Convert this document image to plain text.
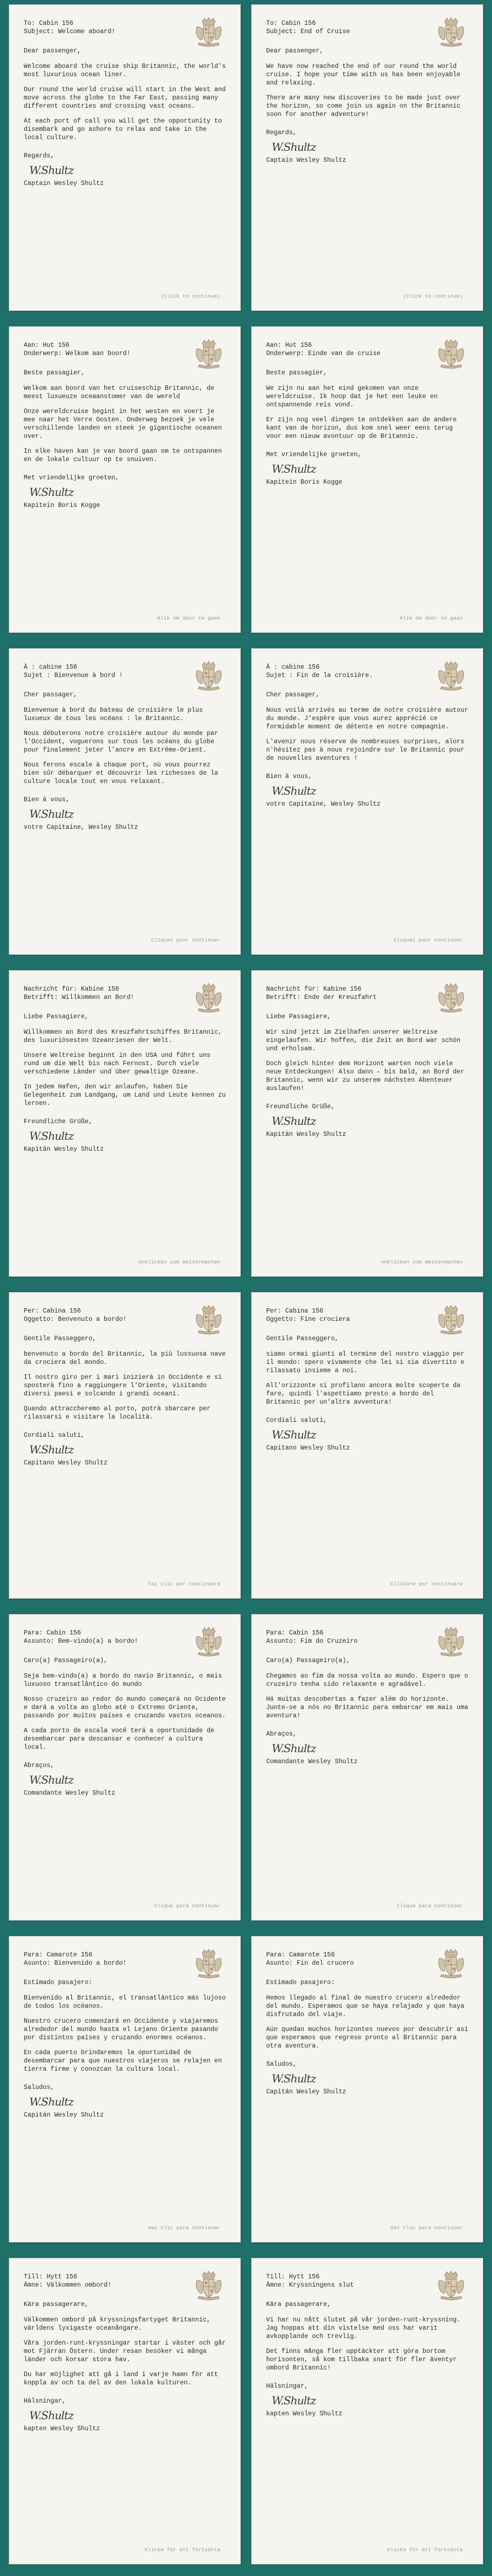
To: Cabin 156
Subject: Welcome aboard!
Dear passenger,
Welcome aboard the cruise ship Britannic, the world's most luxurious ocean liner.
Our round the world cruise will start in the West and move across the globe to the Far East, passing many different countries and crossing vast oceans.
At each port of call you will get the opportunity to disembark and go ashore to relax and take in the local culture.
Regards,
W.Shultz
Captain Wesley Shultz
(Click to continue)
To: Cabin 156
Subject: End of Cruise
Dear passenger,
We have now reached the end of our round the world cruise. I hope your time with us has been enjoyable and relaxing.
There are many new discoveries to be made just over the horizon, so come join us again on the Britannic soon for another adventure!
Regards,
W.Shultz
Captain Wesley Shultz
(Click to continue)
Aan: Hut 156
Onderwerp: Welkom aan boord!
Beste passagier,
Welkom aan boord van het cruiseschip Britannic, de meest luxueuze oceaanstomer van de wereld
Onze wereldcruise begint in het westen en voert je mee naar het Verre Oosten. Onderweg bezoek je vele verschillende landen en steek je gigantische oceanen over.
In elke haven kan je van boord gaan om te ontspannen en de lokale cultuur op te snuiven.
Met vriendelijke groeten,
W.Shultz
Kapitein Boris Kogge
Klik om door te gaan
Aan: Hut 156
Onderwerp: Einde van de cruise
Beste passagier,
We zijn nu aan het eind gekomen van onze wereldcruise. Ik hoop dat je het een leuke en ontspannende reis vond.
Er zijn nog veel dingen te ontdekken aan de andere kant van de horizon, dus kom snel weer eens terug voor een nieuw avontuur op de Britannic.
Met vriendelijke groeten,
W.Shultz
Kapitein Boris Kogge
Klik om door te gaan
À : cabine 156
Sujet : Bienvenue à bord !
Cher passager,
Bienvenue à bord du bateau de croisière le plus luxueux de tous les océans : le Britannic.
Nous débuterons notre croisière autour du monde par l'Occident, voguerons sur tous les océans du globe pour finalement jeter l'ancre en Extrême-Orient.
Nous ferons escale à chaque port, où vous pourrez bien sûr débarquer et découvrir les richesses de la culture locale tout en vous relaxant.
Bien à vous,
W.Shultz
votre Capitaine, Wesley Shultz
Cliquez pour continuer
À : cabine 156
Sujet : Fin de la croisière.
Cher passager,
Nous voilà arrivés au terme de notre croisière autour du monde. J'espère que vous aurez apprécié ce formidable moment de détente en notre compagnie.
L'avenir nous réserve de nombreuses surprises, alors n'hésitez pas à nous rejoindre sur le Britannic pour de nouvelles aventures !
Bien à vous,
W.Shultz
votre Capitaine, Wesley Shultz
Cliquez pour continuer
Nachricht für: Kabine 156
Betrifft: Willkommen an Bord!
Liebe Passagiere,
Willkommen an Bord des Kreuzfahrtschiffes Britannic, des luxuriösesten Ozeanriesen der Welt.
Unsere Weltreise beginnt in den USA und führt uns rund um die Welt bis nach Fernost. Durch viele verschiedene Länder und über gewaltige Ozeane.
In jedem Hafen, den wir anlaufen, haben Sie Gelegenheit zum Landgang, um Land und Leute kennen zu lernen.
Freundliche Grüße,
W.Shultz
Kapitän Wesley Shultz
Anklicken zum Weitermachen
Nachricht für: Kabine 156
Betrifft: Ende der Kreuzfahrt
Liebe Passagiere,
Wir sind jetzt im Zielhafen unserer Weltreise eingelaufen. Wir hoffen, die Zeit an Bord war schön und erholsam.
Doch gleich hinter dem Horizont warten noch viele neue Entdeckungen! Also dann – bis bald, an Bord der Britannic, wenn wir zu unserem nächsten Abenteuer auslaufen!
Freundliche Grüße,
W.Shultz
Kapitän Wesley Shultz
Anklicken zum Weitermachen
Per: Cabina 156
Oggetto: Benvenuto a bordo!
Gentile Passeggero,
benvenuto a bordo del Britannic, la più lussuosa nave da crociera del mondo.
Il nostro giro per i mari inizierà in Occidente e si sposterà fino a raggiungere l'Oriente, visitando diversi paesi e solcando i grandi oceani.
Quando attraccheremo al porto, potrà sbarcare per rilassarsi e visitare la località.
Cordiali saluti,
W.Shultz
Capitano Wesley Shultz
Fai clic per continuare
Per: Cabina 156
Oggetto: Fine crociera
Gentile Passeggero,
siamo ormai giunti al termine del nostro viaggio per il mondo: spero vivamente che lei si sia divertito e rilassato insieme a noi.
All'orizzonte si profilano ancora molte scoperte da fare, quindi l'aspettiamo presto a bordo del Britannic per un'altra avventura!
Cordiali saluti,
W.Shultz
Capitano Wesley Shultz
Cliccare per continuare
Para: Cabin 156
Assunto: Bem-vindo(a) a bordo!
Caro(a) Passageiro(a),
Seja bem-vindo(a) a bordo do navio Britannic, o mais luxuoso transatlântico do mundo
Nosso cruzeiro ao redor do mundo começará no Ocidente e dará a volta ao globo até o Extremo Oriente, passando por muitos países e cruzando vastos oceanos.
A cada porto de escala você terá a oportunidade de desembarcar para descansar e conhecer a cultura local.
Abraços,
W.Shultz
Comandante Wesley Shultz
Clique para continuar
Para: Cabin 156
Assunto: Fim do Cruzeiro
Caro(a) Passageiro(a),
Chegamos ao fim da nossa volta ao mundo. Espero que o cruzeiro tenha sido relaxante e agradável.
Há muitas descobertas a fazer além do horizonte. Junte-se a nós no Britannic para embarcar em mais uma aventura!
Abraços,
W.Shultz
Comandante Wesley Shultz
Clique para continuar
Para: Camarote 156
Asunto: Bienvenido a bordo!
Estimado pasajero:
Bienvenido al Britannic, el transatlántico más lujoso de todos los océanos.
Nuestro crucero comenzará en Occidente y viajaremos alrededor del mundo hasta el Lejano Oriente pasando por distintos países y cruzando enormes océanos.
En cada puerto brindaremos la oportunidad de desembarcar para que nuestros viajeros se relajen en tierra firme y conozcan la cultura local.
Saludos,
W.Shultz
Capitán Wesley Shultz
Haz clic para continuar
Para: Camarote 156
Asunto: Fin del crucero
Estimado pasajero:
Hemos llegado al final de nuestro crucero alrededor del mundo. Esperamos que se haya relajado y que haya disfrutado del viaje.
Aún quedan muchos horizontes nuevos por descubrir así que esperamos que regrese pronto al Britannic para otra aventura.
Saludos,
W.Shultz
Capitán Wesley Shultz
Haz clic para continuar
Till: Hytt 156
Ämne: Välkommen ombord!
Kära passagerare,
Välkommen ombord på kryssningsfartyget Britannic, världens lyxigaste oceanångare.
Våra jorden-runt-kryssningar startar i väster och går mot Fjärran Östern. Under resan besöker vi många länder och korsar stora hav.
Du har möjlighet att gå i land i varje hamn för att koppla av och ta del av den lokala kulturen.
Hälsningar,
W.Shultz
kapten Wesley Shultz
Klicka för att fortsätta
Till: Hytt 156
Ämne: Kryssningens slut
Kära passagerare,
Vi har nu nått slutet på vår jorden-runt-kryssning. Jag hoppas att din vistelse med oss har varit avkopplande och trevlig.
Det finns många fler upptäckter att göra bortom horisonten, så kom tillbaka snart för fler äventyr ombord Britannic!
Hälsningar,
W.Shultz
kapten Wesley Shultz
Klicka för att fortsätta
